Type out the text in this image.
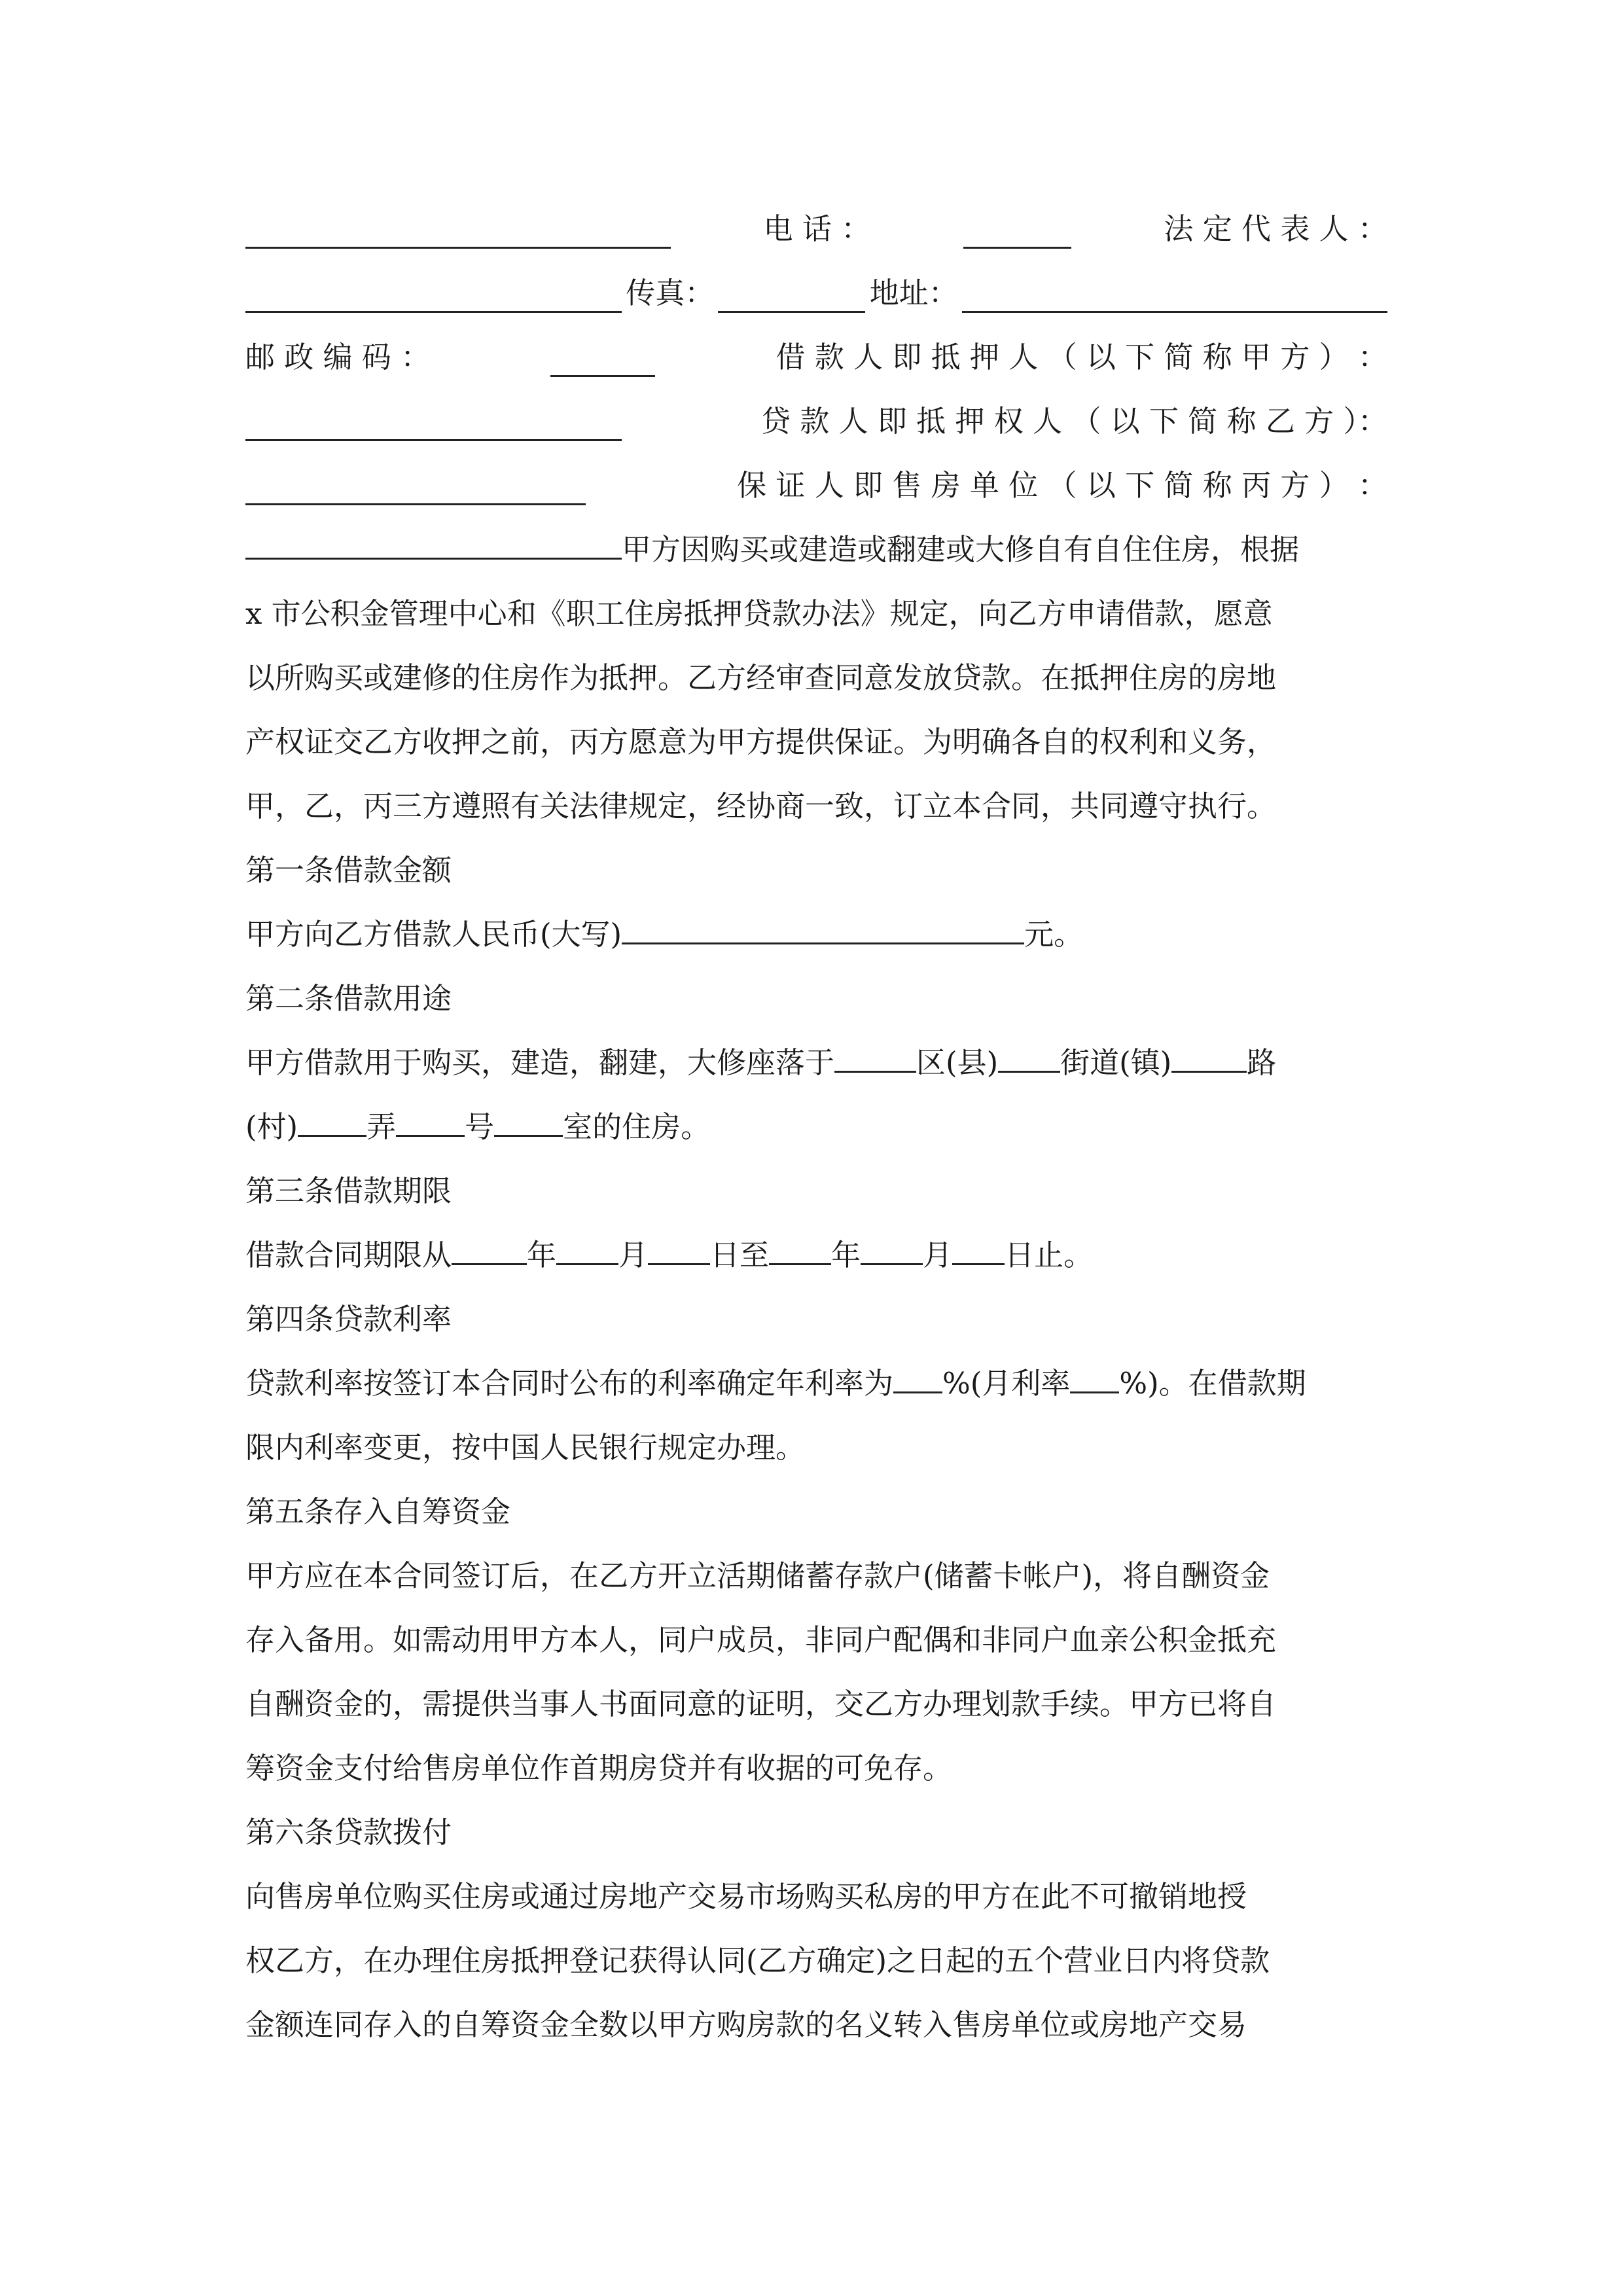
电 话 ：	法 定 代 表 人 ：
传真：	地址：
邮 政 编 码 ：	借 款 人 即 抵 押 人 （ 以 下 简 称 甲 方 ） ：
贷 款 人 即 抵 押 权 人 （ 以 下 简 称 乙 方 ）：
保 证 人 即 售 房 单 位 （ 以 下 简 称 丙 方 ） ：
甲方因购买或建造或翻建或大修自有自住住房，根据
x 市公积金管理中心和《职工住房抵押贷款办法》规定，向乙方申请借款，愿意
以所购买或建修的住房作为抵押。乙方经审查同意发放贷款。在抵押住房的房地
产权证交乙方收押之前，丙方愿意为甲方提供保证。为明确各自的权利和义务，
甲，乙，丙三方遵照有关法律规定，经协商一致，订立本合同，共同遵守执行。
第一条借款金额
甲方向乙方借款人民币(大写)	元。
第二条借款用途
甲方借款用于购买，建造，翻建，大修座落于	区(县) 街道(镇)	路
(村) 弄 号 室的住房。
第三条借款期限
借款合同期限从	年 月 日至 年 月 日止。
第四条贷款利率
贷款利率按签订本合同时公布的利率确定年利率为 %(月利率 %)。在借款期
限内利率变更，按中国人民银行规定办理。
第五条存入自筹资金
甲方应在本合同签订后，在乙方开立活期储蓄存款户(储蓄卡帐户)，将自酬资金
存入备用。如需动用甲方本人，同户成员，非同户配偶和非同户血亲公积金抵充
自酬资金的，需提供当事人书面同意的证明，交乙方办理划款手续。甲方已将自
筹资金支付给售房单位作首期房贷并有收据的可免存。
第六条贷款拨付
向售房单位购买住房或通过房地产交易市场购买私房的甲方在此不可撤销地授
权乙方，在办理住房抵押登记获得认同(乙方确定)之日起的五个营业日内将贷款
金额连同存入的自筹资金全数以甲方购房款的名义转入售房单位或房地产交易
